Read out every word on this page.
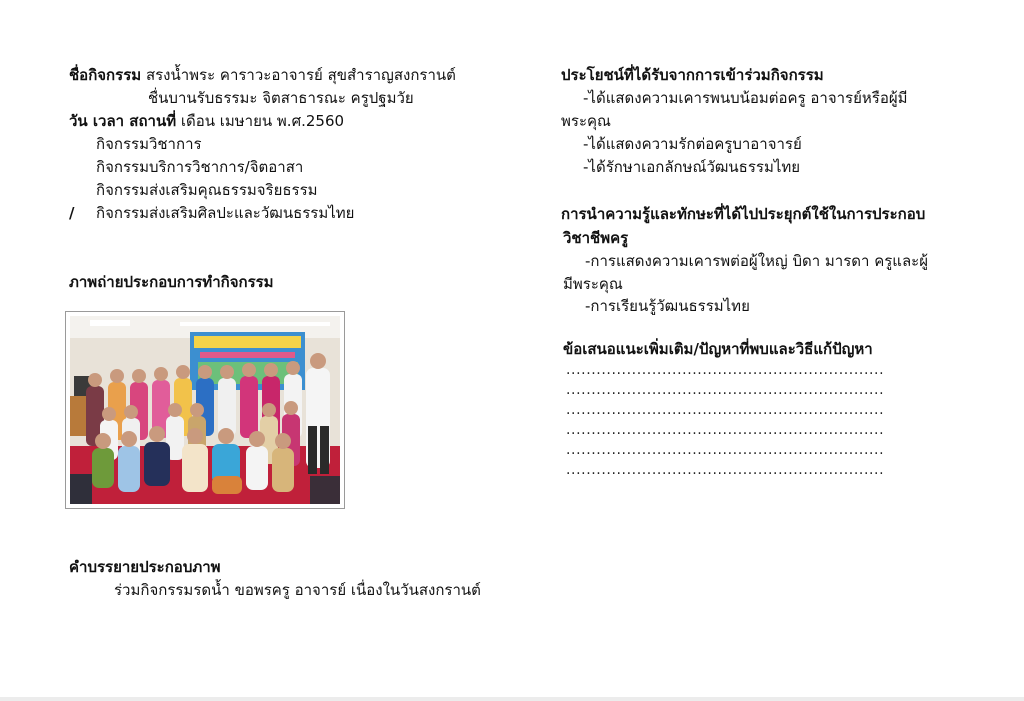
ชื่อกิจกรรม สรงน้ำพระ คาราวะอาจารย์ สุขสำราญสงกรานต์
ชื่นบานรับธรรมะ จิตสาธารณะ ครูปฐมวัย
วัน เวลา สถานที่ เดือน เมษายน พ.ศ.2560
กิจกรรมวิชาการ
กิจกรรมบริการวิชาการ/จิตอาสา
กิจกรรมส่งเสริมคุณธรรมจริยธรรม
/ กิจกรรมส่งเสริมศิลปะและวัฒนธรรมไทย
ภาพถ่ายประกอบการทำกิจกรรม
คำบรรยายประกอบภาพ
ร่วมกิจกรรมรดน้ำ ขอพรครู อาจารย์ เนื่องในวันสงกรานต์
ประโยชน์ที่ได้รับจากการเข้าร่วมกิจกรรม
-ได้แสดงความเคารพนบน้อมต่อครู อาจารย์หรือผู้มี
พระคุณ
-ได้แสดงความรักต่อครูบาอาจารย์
-ได้รักษาเอกลักษณ์วัฒนธรรมไทย
การนำความรู้และทักษะที่ได้ไปประยุกต์ใช้ในการประกอบ
วิชาชีพครู
-การแสดงความเคารพต่อผู้ใหญ่ บิดา มารดา ครูและผู้
มีพระคุณ
-การเรียนรู้วัฒนธรรมไทย
ข้อเสนอแนะเพิ่มเติม/ปัญหาที่พบและวิธีแก้ปัญหา
...............................................................
...............................................................
...............................................................
...............................................................
...............................................................
...............................................................
